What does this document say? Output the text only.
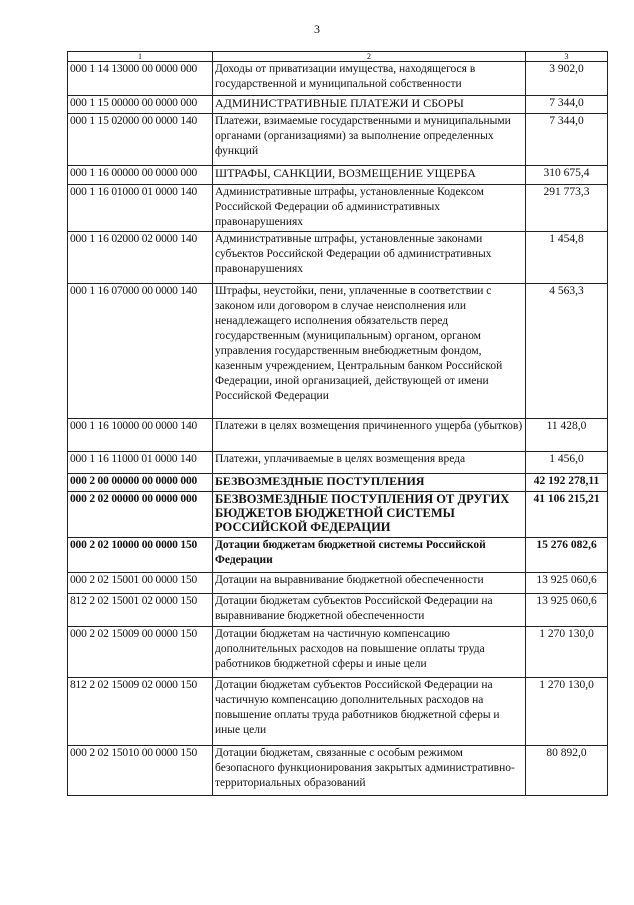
3
1	2	3
000 1 14 13000 00 0000 000	Доходы от приватизации имущества, находящегося в государственной и муниципальной собственности	3 902,0
000 1 15 00000 00 0000 000	АДМИНИСТРАТИВНЫЕ ПЛАТЕЖИ И СБОРЫ	7 344,0
000 1 15 02000 00 0000 140	Платежи, взимаемые государственными и муниципальными органами (организациями) за выполнение определенных функций	7 344,0
000 1 16 00000 00 0000 000	ШТРАФЫ, САНКЦИИ, ВОЗМЕЩЕНИЕ УЩЕРБА	310 675,4
000 1 16 01000 01 0000 140	Административные штрафы, установленные Кодексом Российской Федерации об административных правонарушениях	291 773,3
000 1 16 02000 02 0000 140	Административные штрафы, установленные законами субъектов Российской Федерации об административных правонарушениях	1 454,8
000 1 16 07000 00 0000 140	Штрафы, неустойки, пени, уплаченные в соответствии с законом или договором в случае неисполнения или ненадлежащего исполнения обязательств перед государственным (муниципальным) органом, органом управления государственным внебюджетным фондом, казенным учреждением, Центральным банком Российской Федерации, иной организацией, действующей от имени Российской Федерации	4 563,3
000 1 16 10000 00 0000 140	Платежи в целях возмещения причиненного ущерба (убытков)	11 428,0
000 1 16 11000 01 0000 140	Платежи, уплачиваемые в целях возмещения вреда	1 456,0
000 2 00 00000 00 0000 000	БЕЗВОЗМЕЗДНЫЕ ПОСТУПЛЕНИЯ	42 192 278,11
000 2 02 00000 00 0000 000	БЕЗВОЗМЕЗДНЫЕ ПОСТУПЛЕНИЯ ОТ ДРУГИХ БЮДЖЕТОВ БЮДЖЕТНОЙ СИСТЕМЫ РОССИЙСКОЙ ФЕДЕРАЦИИ	41 106 215,21
000 2 02 10000 00 0000 150	Дотации бюджетам бюджетной системы Российской Федерации	15 276 082,6
000 2 02 15001 00 0000 150	Дотации на выравнивание бюджетной обеспеченности	13 925 060,6
812 2 02 15001 02 0000 150	Дотации бюджетам субъектов Российской Федерации на выравнивание бюджетной обеспеченности	13 925 060,6
000 2 02 15009 00 0000 150	Дотации бюджетам на частичную компенсацию дополнительных расходов на повышение оплаты труда работников бюджетной сферы и иные цели	1 270 130,0
812 2 02 15009 02 0000 150	Дотации бюджетам субъектов Российской Федерации на частичную компенсацию дополнительных расходов на повышение оплаты труда работников бюджетной сферы и иные цели	1 270 130,0
000 2 02 15010 00 0000 150	Дотации бюджетам, связанные с особым режимом безопасного функционирования закрытых административно-территориальных образований	80 892,0
